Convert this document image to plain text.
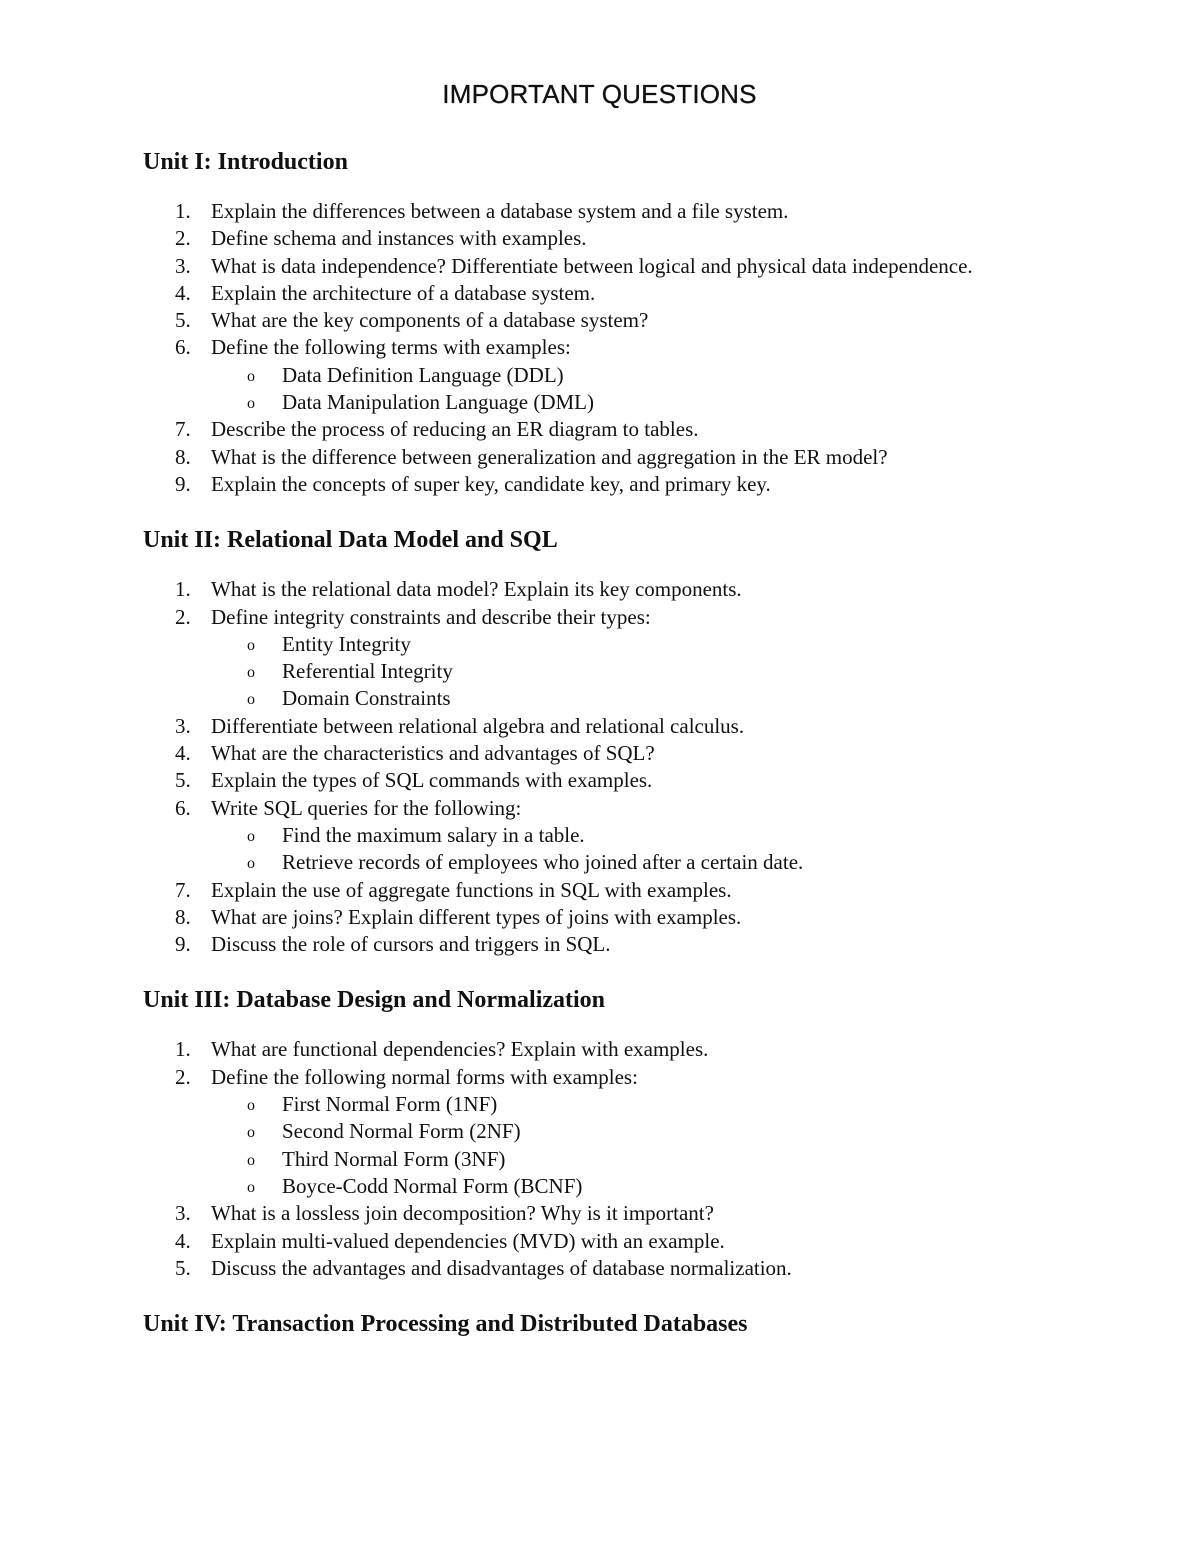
IMPORTANT QUESTIONS
Unit I: Introduction
1. Explain the differences between a database system and a file system.
2. Define schema and instances with examples.
3. What is data independence? Differentiate between logical and physical data independence.
4. Explain the architecture of a database system.
5. What are the key components of a database system?
6. Define the following terms with examples:
o Data Definition Language (DDL)
o Data Manipulation Language (DML)
7. Describe the process of reducing an ER diagram to tables.
8. What is the difference between generalization and aggregation in the ER model?
9. Explain the concepts of super key, candidate key, and primary key.
Unit II: Relational Data Model and SQL
1. What is the relational data model? Explain its key components.
2. Define integrity constraints and describe their types:
o Entity Integrity
o Referential Integrity
o Domain Constraints
3. Differentiate between relational algebra and relational calculus.
4. What are the characteristics and advantages of SQL?
5. Explain the types of SQL commands with examples.
6. Write SQL queries for the following:
o Find the maximum salary in a table.
o Retrieve records of employees who joined after a certain date.
7. Explain the use of aggregate functions in SQL with examples.
8. What are joins? Explain different types of joins with examples.
9. Discuss the role of cursors and triggers in SQL.
Unit III: Database Design and Normalization
1. What are functional dependencies? Explain with examples.
2. Define the following normal forms with examples:
o First Normal Form (1NF)
o Second Normal Form (2NF)
o Third Normal Form (3NF)
o Boyce-Codd Normal Form (BCNF)
3. What is a lossless join decomposition? Why is it important?
4. Explain multi-valued dependencies (MVD) with an example.
5. Discuss the advantages and disadvantages of database normalization.
Unit IV: Transaction Processing and Distributed Databases
